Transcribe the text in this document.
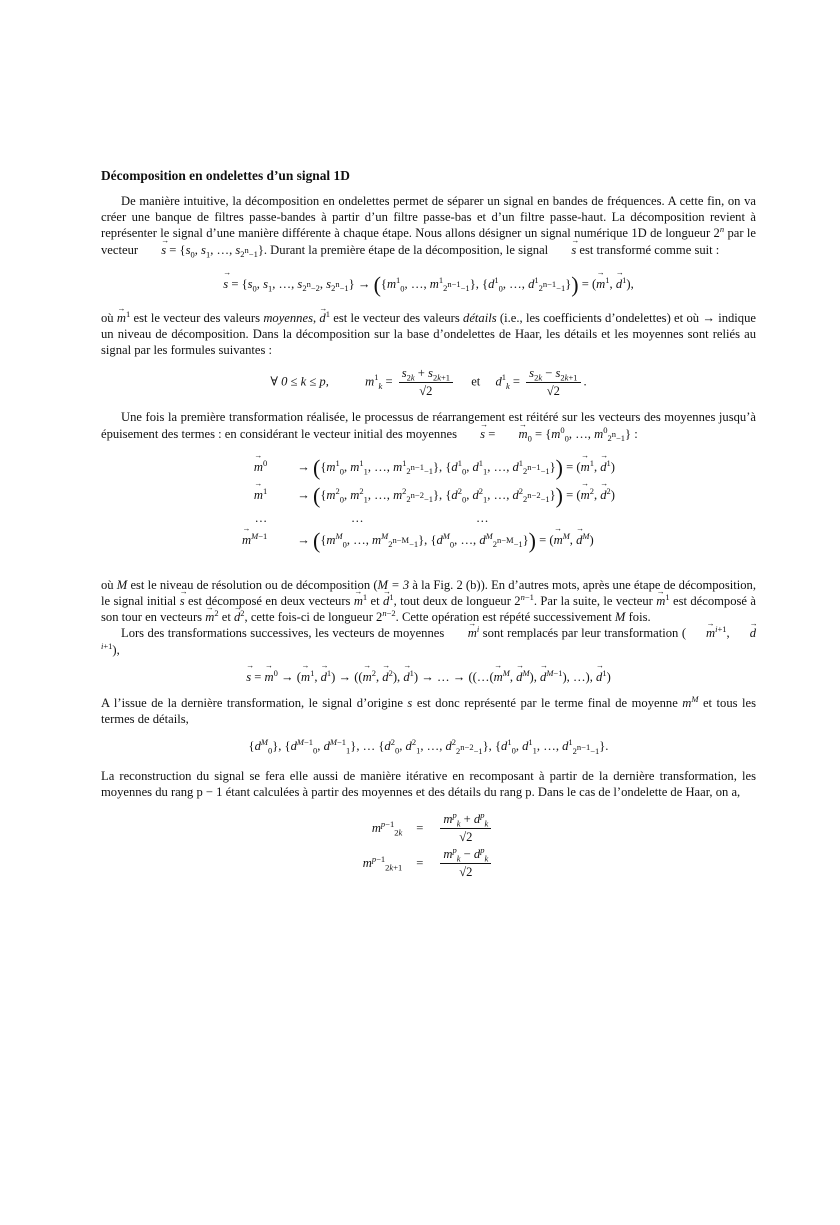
Décomposition en ondelettes d’un signal 1D

De manière intuitive, la décomposition en ondelettes permet de séparer un signal en bandes de fréquences. A cette fin, on va créer une banque de filtres passe-bandes à partir d’un filtre passe-bas et d’un filtre passe-haut. La décomposition revient à représenter le signal d’une manière différente à chaque étape. Nous allons désigner un signal numérique 1D de longueur 2$^n$ par le vecteur → $s = \{s_0$, $s_1$, …, $s_{2^n-1}$}. Durant la première étape de la décomposition, le signal → s est transformé comme suit :

→ $s = \{s_0$, $s_1$, …, $s_{2^n-2}$, $s_{2^n-1}\} \to (\{m^1_0$, …, $m^1_{2^{n-1}-1}$}, {$d^1_0$, …, $d^1_{2^{n-1}-1}$}) = (→ $m^1$, → $d^1$),

où → $m^1$ est le vecteur des valeurs moyennes, → $d^1$ est le vecteur des valeurs détails (i.e., les coefficients d’ondelettes) et où → indique un niveau de décomposition. Dans la décomposition sur la base d’ondelettes de Haar, les détails et les moyennes sont reliés au signal par les formules suivantes :

∀ 0 ≤ k ≤ p,	$m^1_k = \frac{s_{2k} + s_{2k+1}}{√2}$ et $d^1_k = \frac{s_{2k} - s_{2k+1}}{√2}$ .

Une fois la première transformation réalisée, le processus de réarrangement est réitéré sur les vecteurs des moyennes jusqu’à épuisement des termes : en considérant le vecteur initial des moyennes → s = → $m_0 = \{m^0_0$, …, $m^0_{2^n-1}$} :

→ $m^0$	→ ({$m^1_0$, $m^1_1$, …, $m^1_{2^{n-1}-1}$}, {$d^1_0$, $d^1_1$, …, $d^1_{2^{n-1}-1}$}) = (→ $m^1$, → $d^1$)
→ $m^1$	→ ({$m^2_0$, $m^2_1$, …, $m^2_{2^{n-2}-1}$}, {$d^2_0$, $d^2_1$, …, $d^2_{2^{n-2}-1}$}) = (→ $m^2$, → $d^2$)
…	… …
→ $m^{M-1}$	→ ({$m^M_0$, …, $m^M_{2^{n-M}-1}$}, {$d^M_0$, …, $d^M_{2^{n-M}-1}$}) = (→ $m^M$, → $d^M$)

où M est le niveau de résolution ou de décomposition (M = 3 à la Fig. 2 (b)). En d’autres mots, après une étape de décomposition, le signal initial → s est décomposé en deux vecteurs → $m^1$ et → $d^1$, tout deux de longueur $2^{n-1}$. Par la suite, le vecteur → $m^1$ est décomposé à son tour en vecteurs → $m^2$ et → $d^2$, cette fois-ci de longueur $2^{n-2}$. Cette opération est répété successivement M fois.

Lors des transformations successives, les vecteurs de moyennes → $m^i$ sont remplacés par leur transformation ( → $m^{i+1}$, → $d^{i+1}$),

→ s = → $m^0$ → (→ $m^1$, → $d^1$) → ((→ $m^2$, → $d^2$), → $d^1$) → … → ((…(→ $m^M$, → $d^M$), → $d^{M-1}$), …), → $d^1$)

A l’issue de la dernière transformation, le signal d’origine s est donc représenté par le terme final de moyenne $m^M$ et tous les termes de détails,

$\{d^M_0\}$, {$d^{M-1}_0$, $d^{M-1}_1$}, … {$d^2_0$, $d^2_1$, …, $d^2_{2^{n-2}-1}$}, {$d^1_0$, $d^1_1$, …, $d^1_{2^{n-1}-1}$}.

La reconstruction du signal se fera elle aussi de manière itérative en recomposant à partir de la dernière transformation, les moyennes du rang p − 1 étant calculées à partir des moyennes et des détails du rang p. Dans le cas de l’ondelette de Haar, on a,

$m^{p-1}_{2k}$	=	$\frac{m^p_k + d^p_k}{√2}$

$m^{p-1}_{2k+1}$	=	$\frac{m^p_k - d^p_k}{√2}$
